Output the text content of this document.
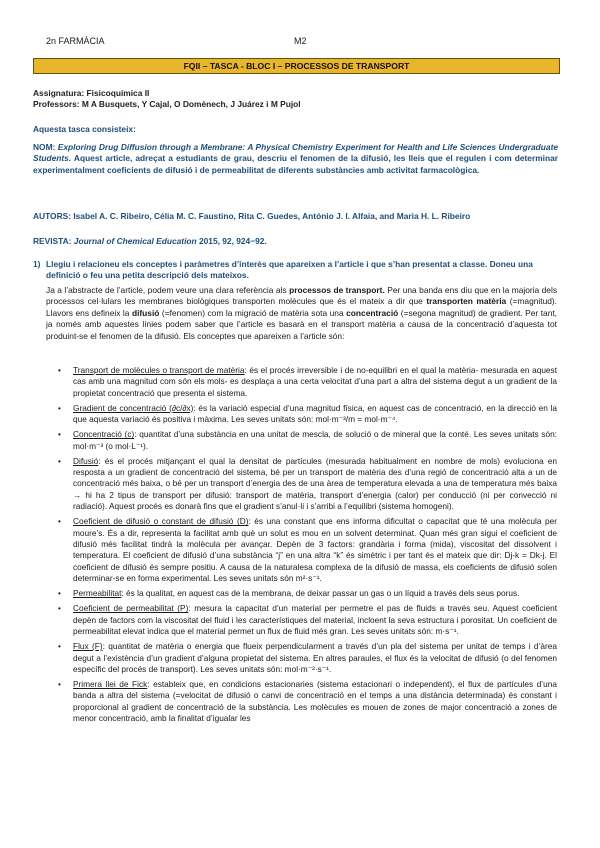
2n FARMÀCIA	M2
FQII – TASCA - BLOC I – PROCESSOS DE TRANSPORT
Assignatura: Fisicoquímica II
Professors: M A Busquets, Y Cajal, O Domènech, J Juárez i M Pujol
Aquesta tasca consisteix:
NOM: Exploring Drug Diffusion through a Membrane: A Physical Chemistry Experiment for Health and Life Sciences Undergraduate Students. Aquest article, adreçat a estudiants de grau, descriu el fenomen de la difusió, les lleis que el regulen i com determinar experimentalment coeficients de difusió i de permeabilitat de diferents substàncies amb activitat farmacològica.
AUTORS: Isabel A. C. Ribeiro, Célia M. C. Faustino, Rita C. Guedes, António J. I. Alfaia, and Maria H. L. Ribeiro
REVISTA: Journal of Chemical Education 2015, 92, 924−92.
1) Llegiu i relacioneu els conceptes i paràmetres d’interès que apareixen a l’article i que s’han presentat a classe. Doneu una definició o feu una petita descripció dels mateixos.
Ja a l’abstracte de l’article, podem veure una clara referència als processos de transport. Per una banda ens diu que en la majoria dels processos cel·lulars les membranes biològiques transporten molècules que és el mateix a dir que transporten matèria (=magnitud). Llavors ens defineix la difusió (=fenomen) com la migració de matèria sota una concentració (=segona magnitud) de gradient. Per tant, ja només amb aquestes línies podem saber que l’article es basarà en el transport matèria a causa de la concentració d’aquesta tot produint-se el fenomen de la difusió. Els conceptes que apareixen a l’article són:
• Transport de molècules o transport de matèria: és el procés irreversible i de no-equilibri en el qual la matèria- mesurada en aquest cas amb una magnitud com són els mols- es desplaça a una certa velocitat d’una part a altra del sistema degut a un gradient de la propietat concentració que presenta el sistema.
• Gradient de concentració (∂c/∂x): és la variació especial d’una magnitud física, en aquest cas de concentració, en la direcció en la que aquesta variació és positiva i màxima. Les seves unitats són: mol·m⁻³/m = mol·m⁻⁴.
• Concentració (c): quantitat d’una substància en una unitat de mescla, de solució o de mineral que la conté. Les seves unitats són: mol·m⁻³ (o mol·L⁻¹).
• Difusió: és el procés mitjançant el qual la densitat de partícules (mesurada habitualment en nombre de mols) evoluciona en resposta a un gradient de concentració del sistema, bé per un transport de matèria des d’una regió de concentració alta a un de concentració més baixa, o bé per un transport d’energia des de una àrea de temperatura elevada a una de temperatura més baixa → hi ha 2 tipus de transport per difusió: transport de matèria, transport d’energia (calor) per conducció (ni per convecció ni radiació). Aquest procés es donarà fins que el gradient s’anul·li i s’arribi a l’equilibri (sistema homogeni).
• Coeficient de difusió o constant de difusió (D): és una constant que ens informa dificultat o capacitat que té una molècula per moure’s. És a dir, representa la facilitat amb què un solut es mou en un solvent determinat. Quan més gran sigui el coeficient de difusió més facilitat tindrà la molècula per avançar. Depèn de 3 factors: grandària i forma (mida), viscositat del dissolvent i temperatura. El coeficient de difusió d’una substància “j” en una altra “k” és simètric i per tant és el mateix que dir: Dj-k = Dk-j. El coeficient de difusió és sempre positiu. A causa de la naturalesa complexa de la difusió de massa, els coeficients de difusió solen determinar-se en forma experimental. Les seves unitats són m²·s⁻¹.
• Permeabilitat: és la qualitat, en aquest cas de la membrana, de deixar passar un gas o un líquid a través dels seus porus.
• Coeficient de permeabilitat (P): mesura la capacitat d’un material per permetre el pas de fluids a través seu. Aquest coeficient depèn de factors com la viscositat del fluid i les característiques del material, incloent la seva estructura i porositat. Un coeficient de permeabilitat elevat indica que el material permet un flux de fluid més gran. Les seves unitats són: m·s⁻¹.
• Flux (F): quantitat de matèria o energia que flueix perpendicularment a través d’un pla del sistema per unitat de temps i d’àrea degut a l’existència d’un gradient d’alguna propietat del sistema. En altres paraules, el flux és la velocitat de difusió (o del fenomen específic del procés de transport). Les seves unitats són: mol·m⁻²·s⁻¹.
• Primera llei de Fick: estableix que, en condicions estacionaries (sistema estacionari o independent), el flux de partícules d’una banda a altra del sistema (=velocitat de difusió o canvi de concentració en el temps a una distància determinada) és constant i proporcional al gradient de concentració de la substància. Les molècules es mouen de zones de major concentració a zones de menor concentració, amb la finalitat d’igualar les
